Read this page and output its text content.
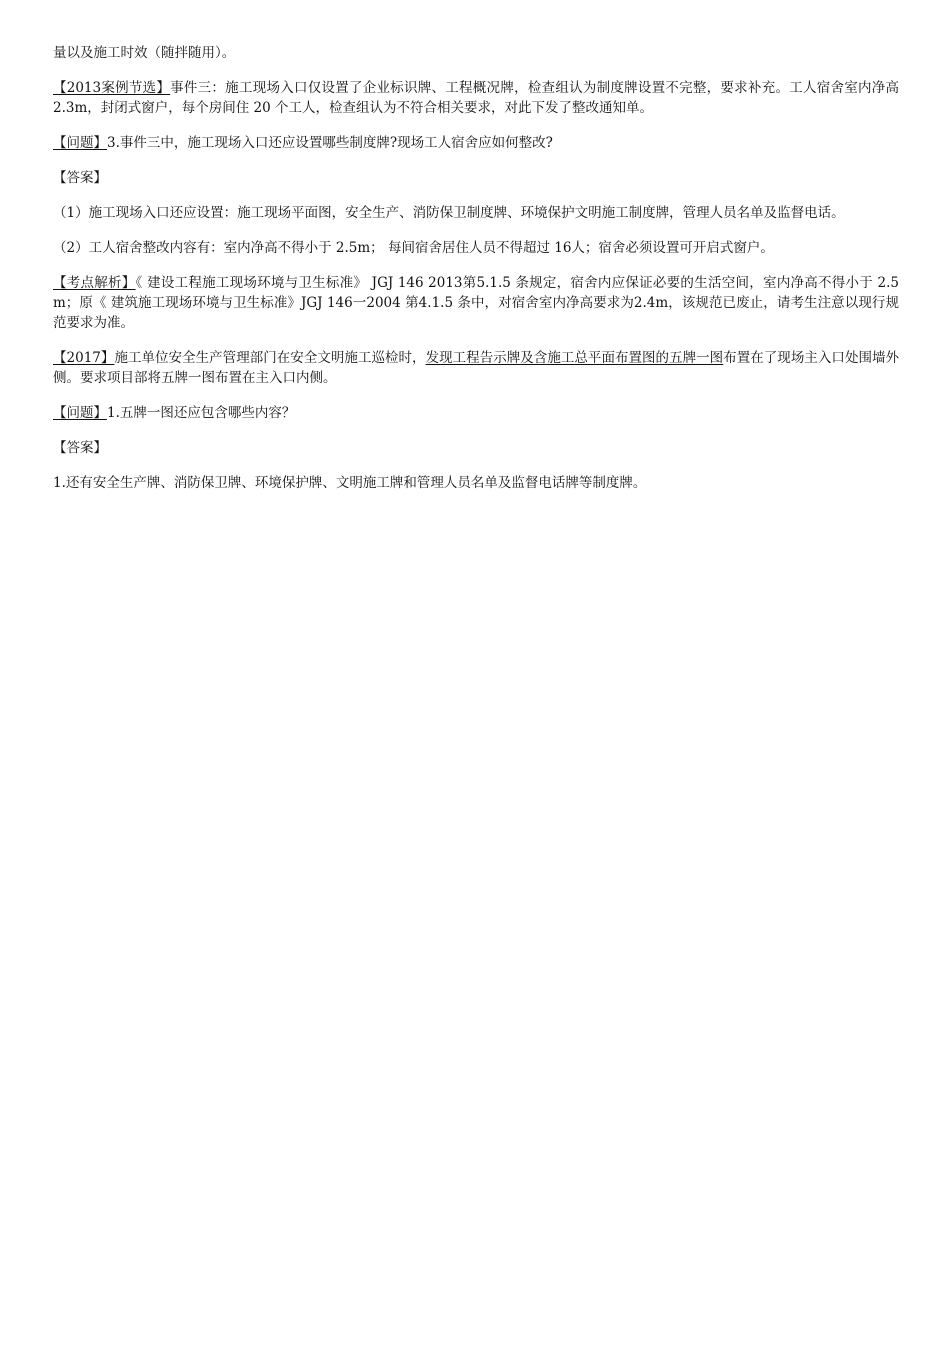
量以及施工时效（随拌随用）。

【2013案例节选】事件三：施工现场入口仅设置了企业标识牌、工程概况牌，检查组认为制度牌设置不完整，要求补充。工人宿舍室内净高 2.3m，封闭式窗户，每个房间住 20 个工人，检查组认为不符合相关要求，对此下发了整改通知单。

【问题】3.事件三中，施工现场入口还应设置哪些制度牌?现场工人宿舍应如何整改?

【答案】

（1）施工现场入口还应设置：施工现场平面图，安全生产、消防保卫制度牌、环境保护文明施工制度牌，管理人员名单及监督电话。

（2）工人宿舍整改内容有：室内净高不得小于 2.5m； 每间宿舍居住人员不得超过 16人；宿舍必须设置可开启式窗户。

【考点解析】《 建设工程施工现场环境与卫生标准》 JGJ 146 2013第5.1.5 条规定，宿舍内应保证必要的生活空间，室内净高不得小于 2.5m；原《 建筑施工现场环境与卫生标准》JGJ 146一2004 第4.1.5 条中，对宿舍室内净高要求为2.4m，该规范已废止，请考生注意以现行规范要求为准。

【2017】施工单位安全生产管理部门在安全文明施工巡检时，发现工程告示牌及含施工总平面布置图的五牌一图布置在了现场主入口处围墙外侧。要求项目部将五牌一图布置在主入口内侧。

【问题】1.五牌一图还应包含哪些内容？

【答案】

1.还有安全生产牌、消防保卫牌、环境保护牌、文明施工牌和管理人员名单及监督电话牌等制度牌。
